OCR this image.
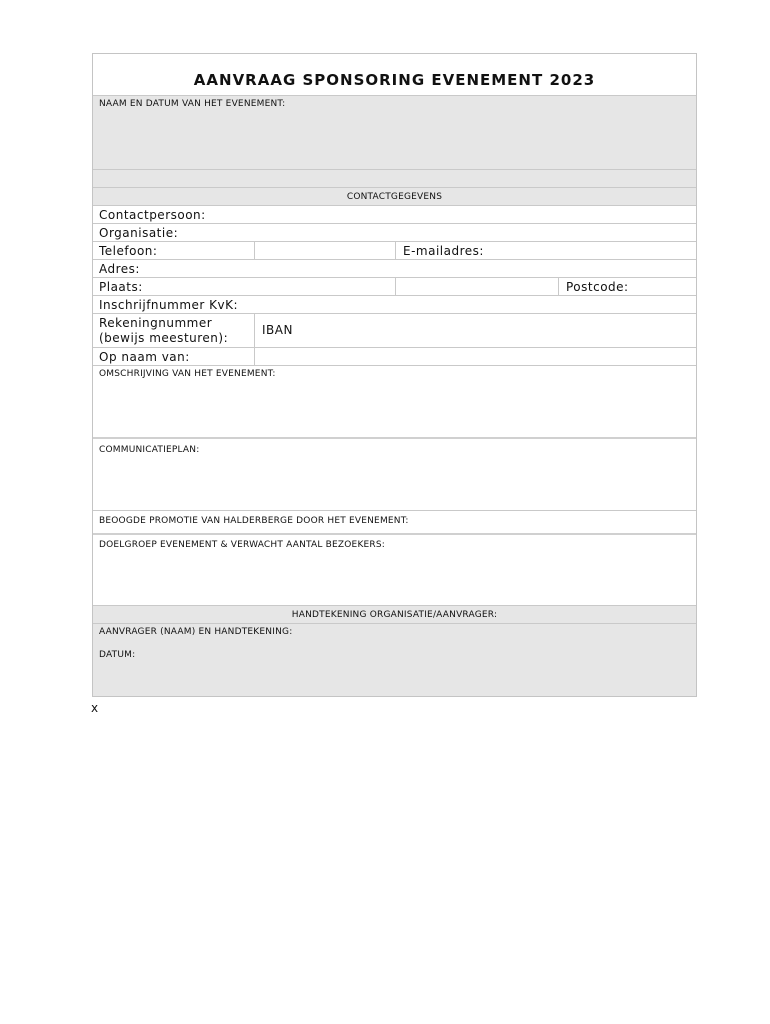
AANVRAAG SPONSORING EVENEMENT 2023
NAAM EN DATUM VAN HET EVENEMENT:
CONTACTGEGEVENS
Contactpersoon:
Organisatie:
Telefoon:	E-mailadres:
Adres:
Plaats:	Postcode:
Inschrijfnummer KvK:
Rekeningnummer
(bewijs meesturen):
IBAN
Op naam van:
OMSCHRIJVING VAN HET EVENEMENT:
COMMUNICATIEPLAN:
BEOOGDE PROMOTIE VAN HALDERBERGE DOOR HET EVENEMENT:
DOELGROEP EVENEMENT & VERWACHT AANTAL BEZOEKERS:
HANDTEKENING ORGANISATIE/AANVRAGER:
AANVRAGER (NAAM) EN HANDTEKENING:
DATUM:
x
